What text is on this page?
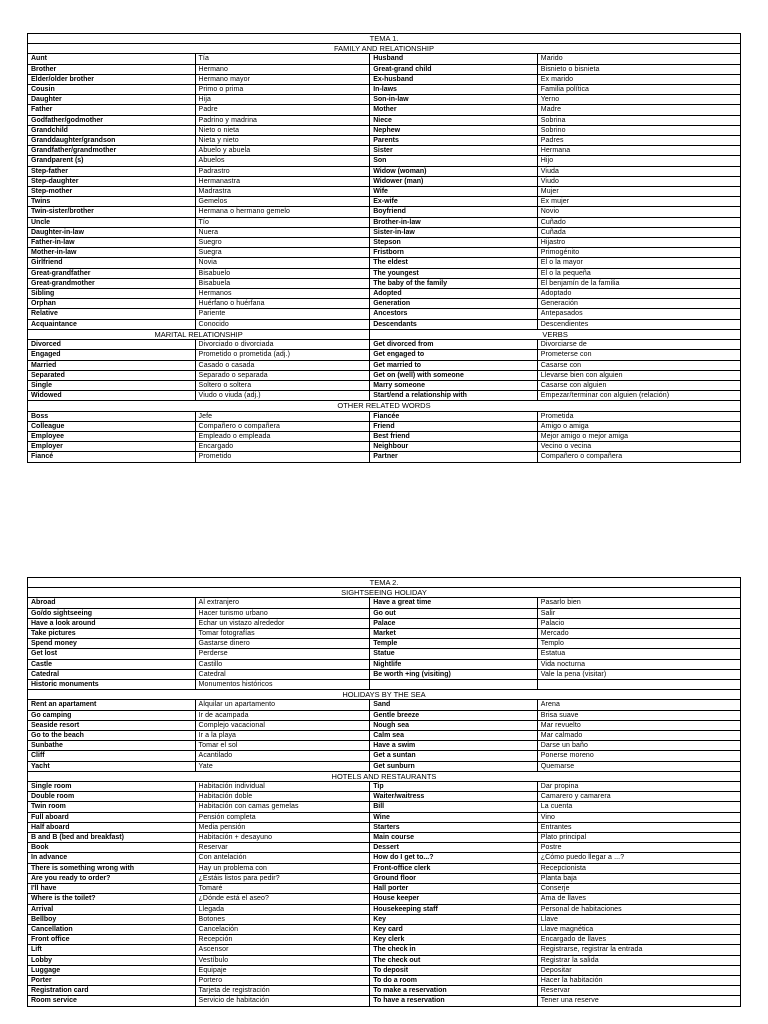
TEMA 1.			
FAMILY AND RELATIONSHIP			
Aunt	Tía	Husband	Marido
Brother	Hermano	Great-grand child	Bisnieto o bisnieta
Elder/older brother	Hermano mayor	Ex-husband	Ex marido
Cousin	Primo o prima	In-laws	Familia política
Daughter	Hija	Son-in-law	Yerno
Father	Padre	Mother	Madre
Godfather/godmother	Padrino y madrina	Niece	Sobrina
Grandchild	Nieto o nieta	Nephew	Sobrino
Granddaughter/grandson	Nieta y nieto	Parents	Padres
Grandfather/grandmother	Abuelo y abuela	Sister	Hermana
Grandparent (s)	Abuelos	Son	Hijo
Step-father	Padrastro	Widow (woman)	Viuda
Step-daughter	Hermanastra	Widower (man)	Viudo
Step-mother	Madrastra	Wife	Mujer
Twins	Gemelos	Ex-wife	Ex mujer
Twin-sister/brother	Hermana o hermano gemelo	Boyfriend	Novio
Uncle	Tío	Brother-in-law	Cuñado
Daughter-in-law	Nuera	Sister-in-law	Cuñada
Father-in-law	Suegro	Stepson	Hijastro
Mother-in-law	Suegra	Fristborn	Primogénito
Girlfriend	Novia	The eldest	El o la mayor
Great-grandfather	Bisabuelo	The youngest	El o la pequeña
Great-grandmother	Bisabuela	The baby of the family	El benjamín de la familia
Sibling	Hermanos	Adopted	Adoptado
Orphan	Huérfano o huérfana	Generation	Generación
Relative	Pariente	Ancestors	Antepasados
Acquaintance	Conocido	Descendants	Descendientes
MARITAL RELATIONSHIP		VERBS	
Divorced	Divorciado o divorciada	Get divorced from	Divorciarse de
Engaged	Prometido o prometida (adj.)	Get engaged to	Prometerse con
Married	Casado o casada	Get married to	Casarse con
Separated	Separado o separada	Get on (well) with someone	Llevarse bien con alguien
Single	Soltero o soltera	Marry someone	Casarse con alguien
Widowed	Viudo o viuda (adj.)	Start/end a relationship with	Empezar/terminar con alguien (relación)
OTHER RELATED WORDS			
Boss	Jefe	Fiancée	Prometida
Colleague	Compañero o compañera	Friend	Amigo o amiga
Employee	Empleado o empleada	Best friend	Mejor amigo o mejor amiga
Employer	Encargado	Neighbour	Vecino o vecina
Fiancé	Prometido	Partner	Compañero o compañera
TEMA 2.			
SIGHTSEEING HOLIDAY			
Abroad	Al extranjero	Have a great time	Pasarlo bien
Go/do sightseeing	Hacer turismo urbano	Go out	Salir
Have a look around	Echar un vistazo alrededor	Palace	Palacio
Take pictures	Tomar fotografías	Market	Mercado
Spend money	Gastarse dinero	Temple	Templo
Get lost	Perderse	Statue	Estatua
Castle	Castillo	Nightlife	Vida nocturna
Catedral	Catedral	Be worth +ing (visiting)	Vale la pena (visitar)
Historic monuments	Monumentos históricos		
HOLIDAYS BY THE SEA			
Rent an apartament	Alquilar un apartamento	Sand	Arena
Go camping	Ir de acampada	Gentle breeze	Brisa suave
Seaside resort	Complejo vacacional	Nough sea	Mar revuelto
Go to the beach	Ir a la playa	Calm sea	Mar calmado
Sunbathe	Tomar el sol	Have a swim	Darse un baño
Cliff	Acantilado	Get a suntan	Ponerse moreno
Yacht	Yate	Get sunburn	Quemarse
HOTELS AND RESTAURANTS			
Single room	Habitación individual	Tip	Dar propina
Double room	Habitación doble	Waiter/waitress	Camarero y camarera
Twin room	Habitación con camas gemelas	Bill	La cuenta
Full aboard	Pensión completa	Wine	Vino
Half aboard	Media pensión	Starters	Entrantes
B and B (bed and breakfast)	Habitación + desayuno	Main course	Plato principal
Book	Reservar	Dessert	Postre
In advance	Con antelación	How do I get to...?	¿Cómo puedo llegar a ...?
There is something wrong with	Hay un problema con	Front-office clerk	Recepcionista
Are you ready to order?	¿Estáis listos para pedir?	Ground floor	Planta baja
I'll have	Tomaré	Hall porter	Conserje
Where is the toilet?	¿Dónde está el aseo?	House keeper	Ama de llaves
Arrival	Llegada	Housekeeping staff	Personal de habitaciones
Bellboy	Botones	Key	Llave
Cancellation	Cancelación	Key card	Llave magnética
Front office	Recepción	Key clerk	Encargado de llaves
Lift	Ascensor	The check in	Registrarse, registrar la entrada
Lobby	Vestíbulo	The check out	Registrar la salida
Luggage	Equipaje	To deposit	Depositar
Porter	Portero	To do a room	Hacer la habitación
Registration card	Tarjeta de registración	To make a reservation	Reservar
Room service	Servicio de habitación	To have a reservation	Tener una reserve
